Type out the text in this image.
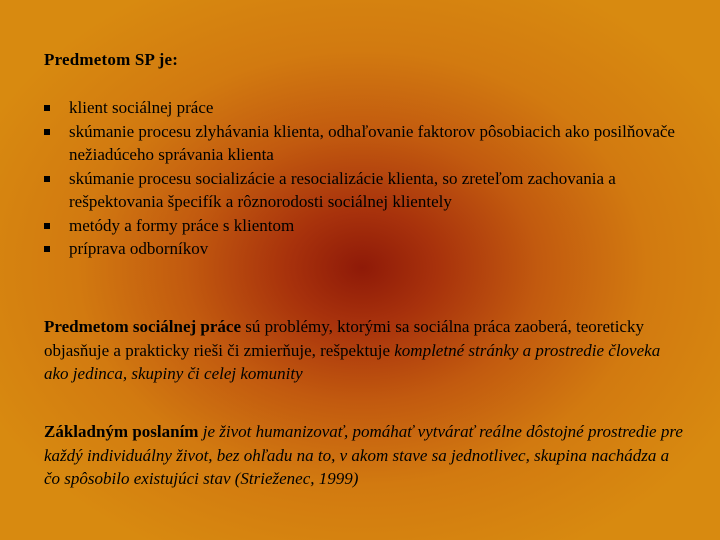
Predmetom SP je:

klient sociálnej práce
skúmanie procesu zlyhávania klienta, odhaľovanie faktorov pôsobiacich ako posilňovače nežiadúceho správania klienta
skúmanie procesu socializácie a resocializácie klienta, so zreteľom zachovania a rešpektovania špecifík a rôznorodosti sociálnej klientely
metódy a formy práce s klientom
príprava odborníkov

Predmetom sociálnej práce sú problémy, ktorými sa sociálna práca zaoberá, teoreticky objasňuje a prakticky rieši či zmierňuje, rešpektuje kompletné stránky a prostredie človeka ako jedinca, skupiny či celej komunity

Základným poslaním je život humanizovať, pomáhať vytvárať reálne dôstojné prostredie pre každý individuálny život, bez ohľadu na to, v akom stave sa jednotlivec, skupina nachádza a čo spôsobilo existujúci stav (Strieženec, 1999)
